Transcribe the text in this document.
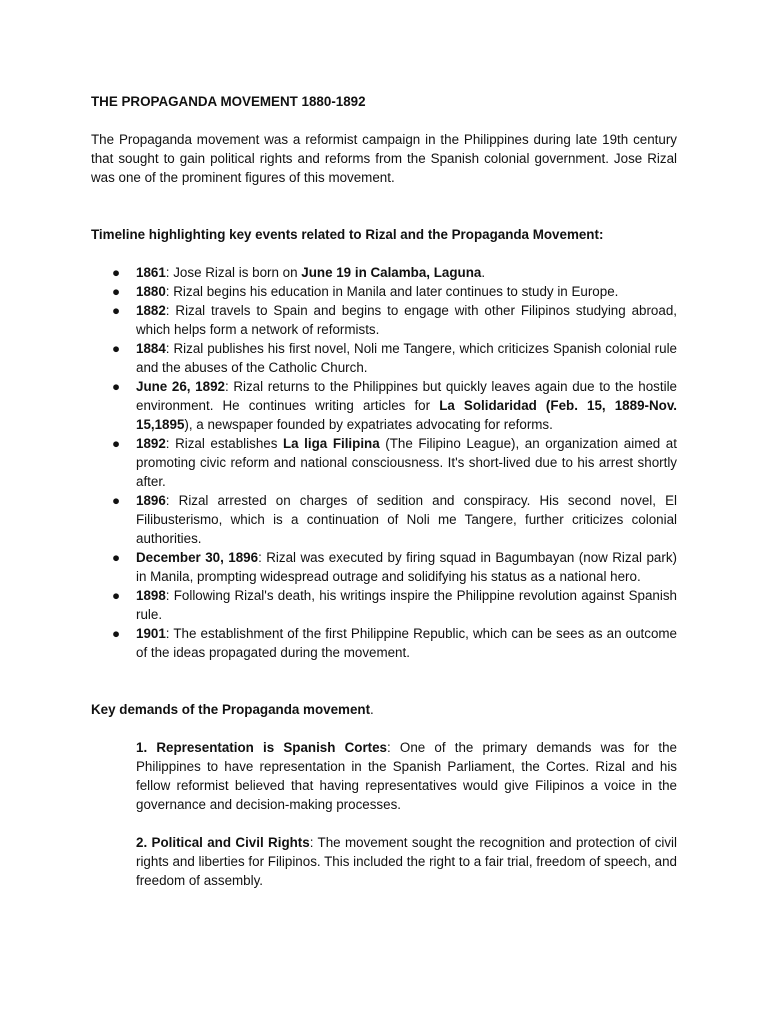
THE PROPAGANDA MOVEMENT 1880-1892

The Propaganda movement was a reformist campaign in the Philippines during late 19th century that sought to gain political rights and reforms from the Spanish colonial government. Jose Rizal was one of the prominent figures of this movement.

Timeline highlighting key events related to Rizal and the Propaganda Movement:

● 1861: Jose Rizal is born on June 19 in Calamba, Laguna.
● 1880: Rizal begins his education in Manila and later continues to study in Europe.
● 1882: Rizal travels to Spain and begins to engage with other Filipinos studying abroad, which helps form a network of reformists.
● 1884: Rizal publishes his first novel, Noli me Tangere, which criticizes Spanish colonial rule and the abuses of the Catholic Church.
● June 26, 1892: Rizal returns to the Philippines but quickly leaves again due to the hostile environment. He continues writing articles for La Solidaridad (Feb. 15, 1889-Nov. 15,1895), a newspaper founded by expatriates advocating for reforms.
● 1892: Rizal establishes La liga Filipina (The Filipino League), an organization aimed at promoting civic reform and national consciousness. It's short-lived due to his arrest shortly after.
● 1896: Rizal arrested on charges of sedition and conspiracy. His second novel, El Filibusterismo, which is a continuation of Noli me Tangere, further criticizes colonial authorities.
● December 30, 1896: Rizal was executed by firing squad in Bagumbayan (now Rizal park) in Manila, prompting widespread outrage and solidifying his status as a national hero.
● 1898: Following Rizal's death, his writings inspire the Philippine revolution against Spanish rule.
● 1901: The establishment of the first Philippine Republic, which can be sees as an outcome of the ideas propagated during the movement.

Key demands of the Propaganda movement.

1. Representation is Spanish Cortes: One of the primary demands was for the Philippines to have representation in the Spanish Parliament, the Cortes. Rizal and his fellow reformist believed that having representatives would give Filipinos a voice in the governance and decision-making processes.

2. Political and Civil Rights: The movement sought the recognition and protection of civil rights and liberties for Filipinos. This included the right to a fair trial, freedom of speech, and freedom of assembly.
